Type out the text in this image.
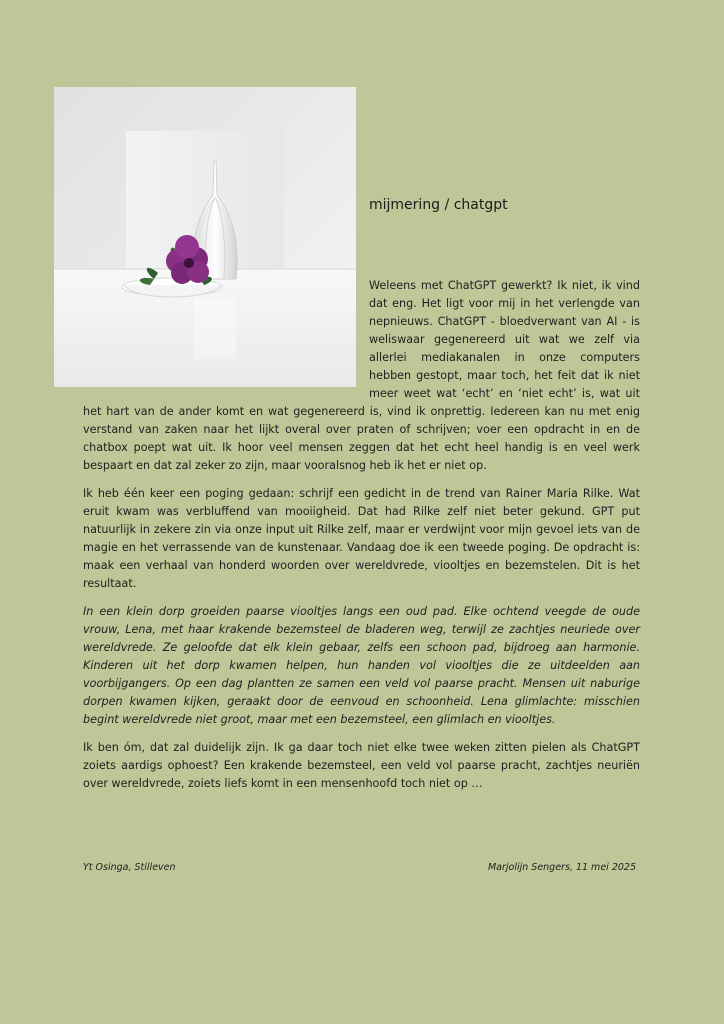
mijmering / chatgpt

Weleens met ChatGPT gewerkt? Ik niet, ik vind dat eng. Het ligt voor mij in het verlengde van nepnieuws. ChatGPT - bloedverwant van AI - is weliswaar gegenereerd uit wat we zelf via allerlei mediakanalen in onze computers hebben gestopt, maar toch, het feit dat ik niet meer weet wat ‘echt’ en ‘niet echt’ is, wat uit het hart van de ander komt en wat gegenereerd is, vind ik onprettig. Iedereen kan nu met enig verstand van zaken naar het lijkt overal over praten of schrijven; voer een opdracht in en de chatbox poept wat uit. Ik hoor veel mensen zeggen dat het echt heel handig is en veel werk bespaart en dat zal zeker zo zijn, maar vooralsnog heb ik het er niet op.

Ik heb één keer een poging gedaan: schrijf een gedicht in de trend van Rainer Maria Rilke. Wat eruit kwam was verbluffend van mooiigheid. Dat had Rilke zelf niet beter gekund. GPT put natuurlijk in zekere zin via onze input uit Rilke zelf, maar er verdwijnt voor mijn gevoel iets van de magie en het verrassende van de kunstenaar. Vandaag doe ik een tweede poging. De opdracht is: maak een verhaal van honderd woorden over wereldvrede, viooltjes en bezemstelen. Dit is het resultaat.

In een klein dorp groeiden paarse viooltjes langs een oud pad. Elke ochtend veegde de oude vrouw, Lena, met haar krakende bezemsteel de bladeren weg, terwijl ze zachtjes neuriede over wereldvrede. Ze geloofde dat elk klein gebaar, zelfs een schoon pad, bijdroeg aan harmonie. Kinderen uit het dorp kwamen helpen, hun handen vol viooltjes die ze uitdeelden aan voorbijgangers. Op een dag plantten ze samen een veld vol paarse pracht. Mensen uit naburige dorpen kwamen kijken, geraakt door de eenvoud en schoonheid. Lena glimlachte: misschien begint wereldvrede niet groot, maar met een bezemsteel, een glimlach en viooltjes.

Ik ben óm, dat zal duidelijk zijn. Ik ga daar toch niet elke twee weken zitten pielen als ChatGPT zoiets aardigs ophoest? Een krakende bezemsteel, een veld vol paarse pracht, zachtjes neuriën over wereldvrede, zoiets liefs komt in een mensenhoofd toch niet op …

Yt Osinga, Stilleven	Marjolijn Sengers, 11 mei 2025
